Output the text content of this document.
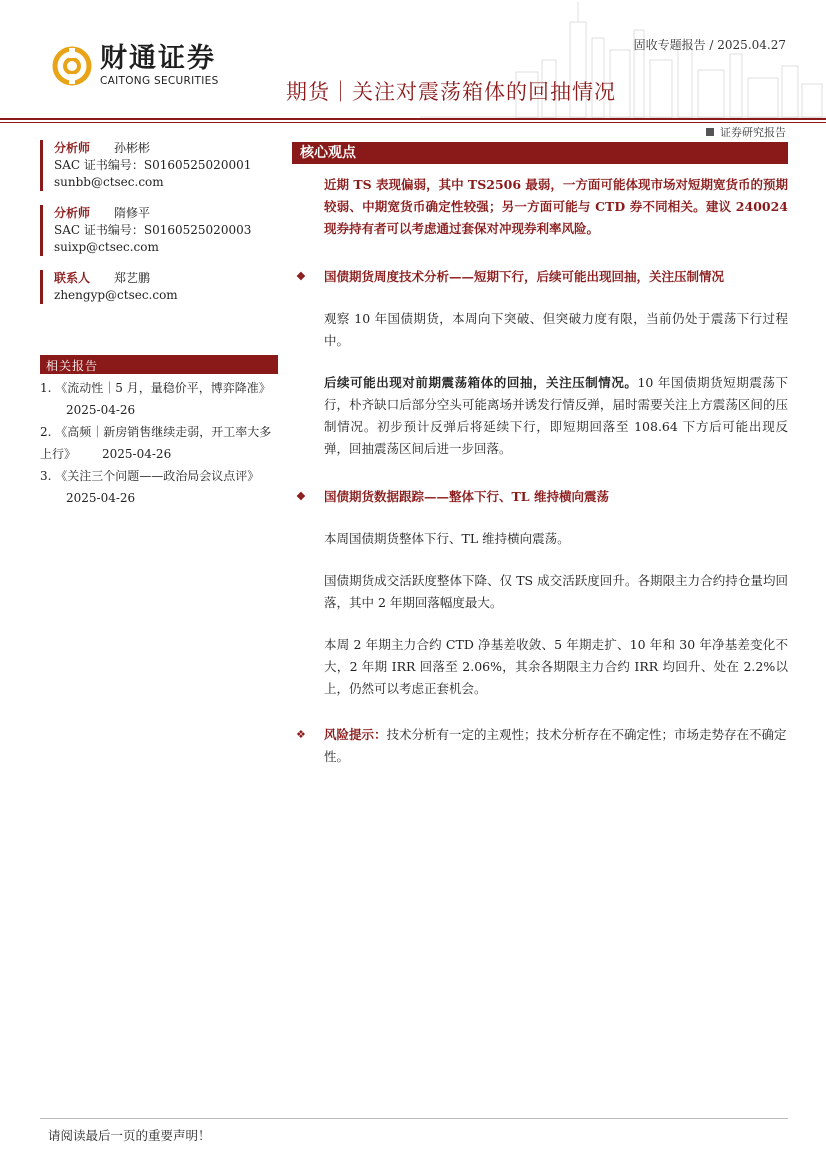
固收专题报告 / 2025.04.27
财通证券
CAITONG SECURITIES	期货｜关注对震荡箱体的回抽情况
证券研究报告
分析师	孙彬彬
SAC 证书编号：S0160525020001
sunbb@ctsec.com
分析师	隋修平
SAC 证书编号：S0160525020003
suixp@ctsec.com
联系人	郑艺鹏
zhengyp@ctsec.com
相关报告
1. 《流动性｜5 月，量稳价平，博弈降准》2025-04-26
2. 《高频｜新房销售继续走弱，开工率大多上行》 2025-04-26
3. 《关注三个问题——政治局会议点评》2025-04-26
核心观点
近期 TS 表现偏弱，其中 TS2506 最弱，一方面可能体现市场对短期宽货币的预期较弱、中期宽货币确定性较强；另一方面可能与 CTD 券不同相关。建议 240024 现券持有者可以考虑通过套保对冲现券利率风险。
❖	国债期货周度技术分析——短期下行，后续可能出现回抽，关注压制情况
观察 10 年国债期货，本周向下突破、但突破力度有限，当前仍处于震荡下行过程中。
后续可能出现对前期震荡箱体的回抽，关注压制情况。10 年国债期货短期震荡下行，朴齐缺口后部分空头可能离场并诱发行情反弹，届时需要关注上方震荡区间的压制情况。初步预计反弹后将延续下行，即短期回落至 108.64 下方后可能出现反弹，回抽震荡区间后进一步回落。
❖	国债期货数据跟踪——整体下行、TL 维持横向震荡
本周国债期货整体下行、TL 维持横向震荡。
国债期货成交活跃度整体下降、仅 TS 成交活跃度回升。各期限主力合约持仓量均回落，其中 2 年期回落幅度最大。
本周 2 年期主力合约 CTD 净基差收敛、5 年期走扩、10 年和 30 年净基差变化不大，2 年期 IRR 回落至 2.06%，其余各期限主力合约 IRR 均回升、处在 2.2%以上，仍然可以考虑正套机会。
❖	风险提示：技术分析有一定的主观性；技术分析存在不确定性；市场走势存在不确定性。
请阅读最后一页的重要声明！
